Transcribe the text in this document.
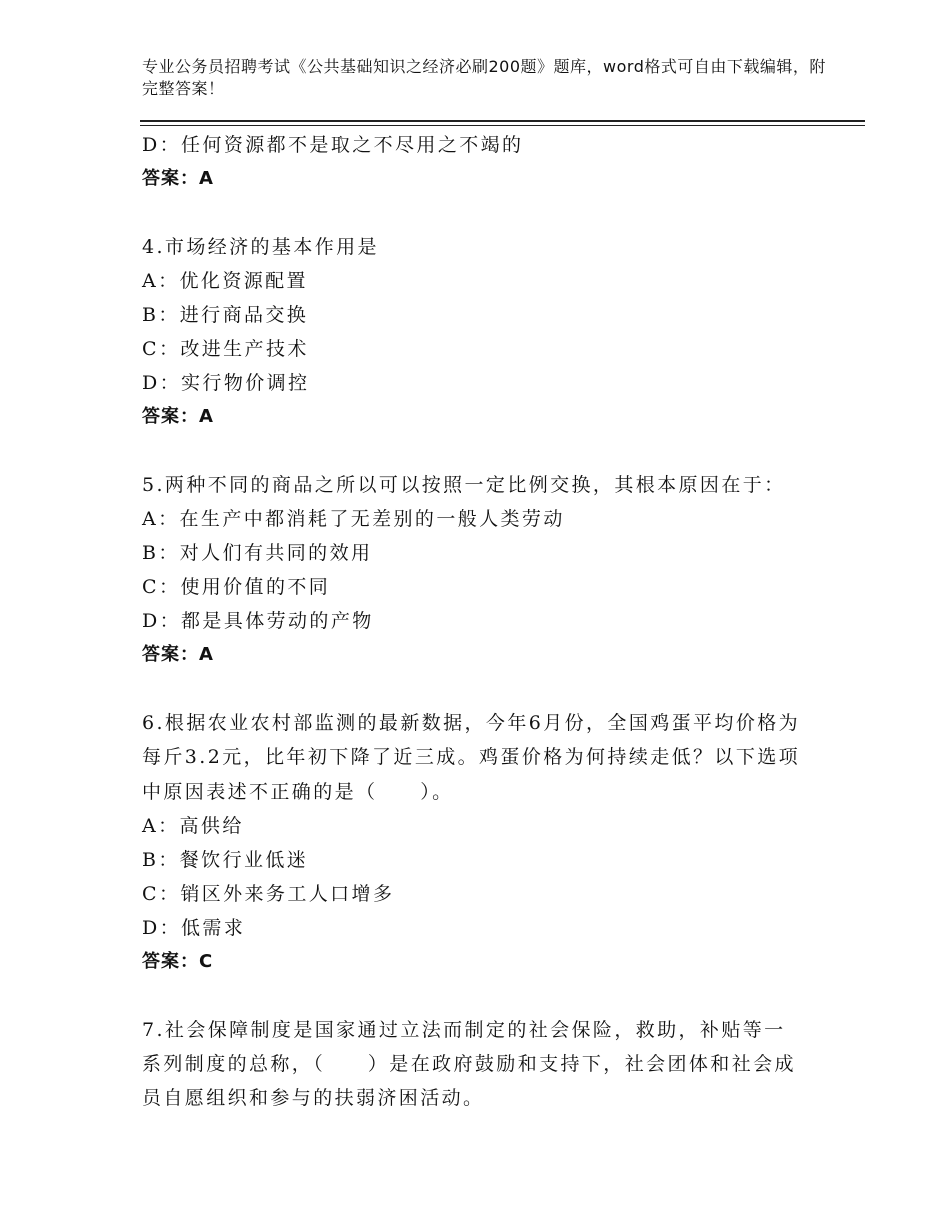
专业公务员招聘考试《公共基础知识之经济必刷200题》题库，word格式可自由下载编辑，附完整答案！
D：任何资源都不是取之不尽用之不竭的
答案：A
4.市场经济的基本作用是
A：优化资源配置
B：进行商品交换
C：改进生产技术
D：实行物价调控
答案：A
5.两种不同的商品之所以可以按照一定比例交换，其根本原因在于：
A：在生产中都消耗了无差别的一般人类劳动
B：对人们有共同的效用
C：使用价值的不同
D：都是具体劳动的产物
答案：A
6.根据农业农村部监测的最新数据，今年6月份，全国鸡蛋平均价格为每斤3.2元，比年初下降了近三成。鸡蛋价格为何持续走低？以下选项中原因表述不正确的是（　　）。
A：高供给
B：餐饮行业低迷
C：销区外来务工人口增多
D：低需求
答案：C
7.社会保障制度是国家通过立法而制定的社会保险，救助，补贴等一系列制度的总称，（　　）是在政府鼓励和支持下，社会团体和社会成员自愿组织和参与的扶弱济困活动。
